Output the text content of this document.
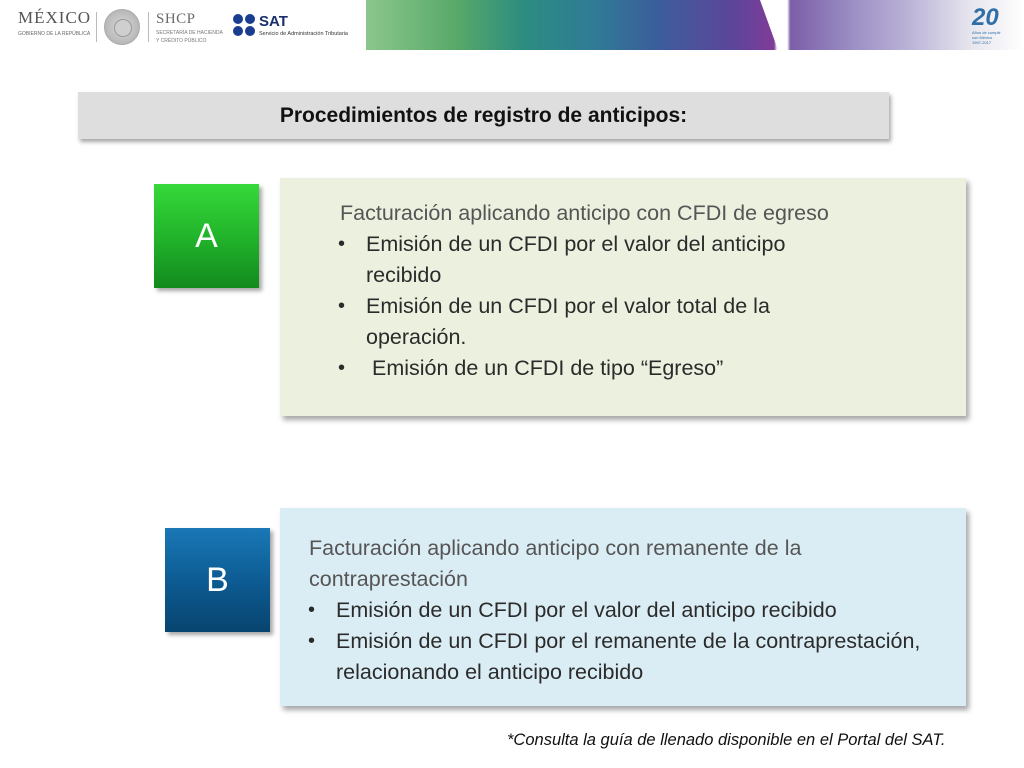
MÉXICO
GOBIERNO DE LA REPÚBLICA
SHCP
SECRETARÍA DE HACIENDA
Y CRÉDITO PÚBLICO
SAT
Servicio de Administración Tributaria
20
Años de cumplir
con México
1997-2017
Procedimientos de registro de anticipos:
A
Facturación aplicando anticipo con CFDI de egreso
• Emisión de un CFDI por el valor del anticipo recibido
• Emisión de un CFDI por el valor total de la operación.
•  Emisión de un CFDI de tipo “Egreso”
B
Facturación aplicando anticipo con remanente de la contraprestación
• Emisión de un CFDI por el valor del anticipo recibido
• Emisión de un CFDI por el remanente de la contraprestación, relacionando el anticipo recibido
*Consulta la guía de llenado disponible en el Portal del SAT.
